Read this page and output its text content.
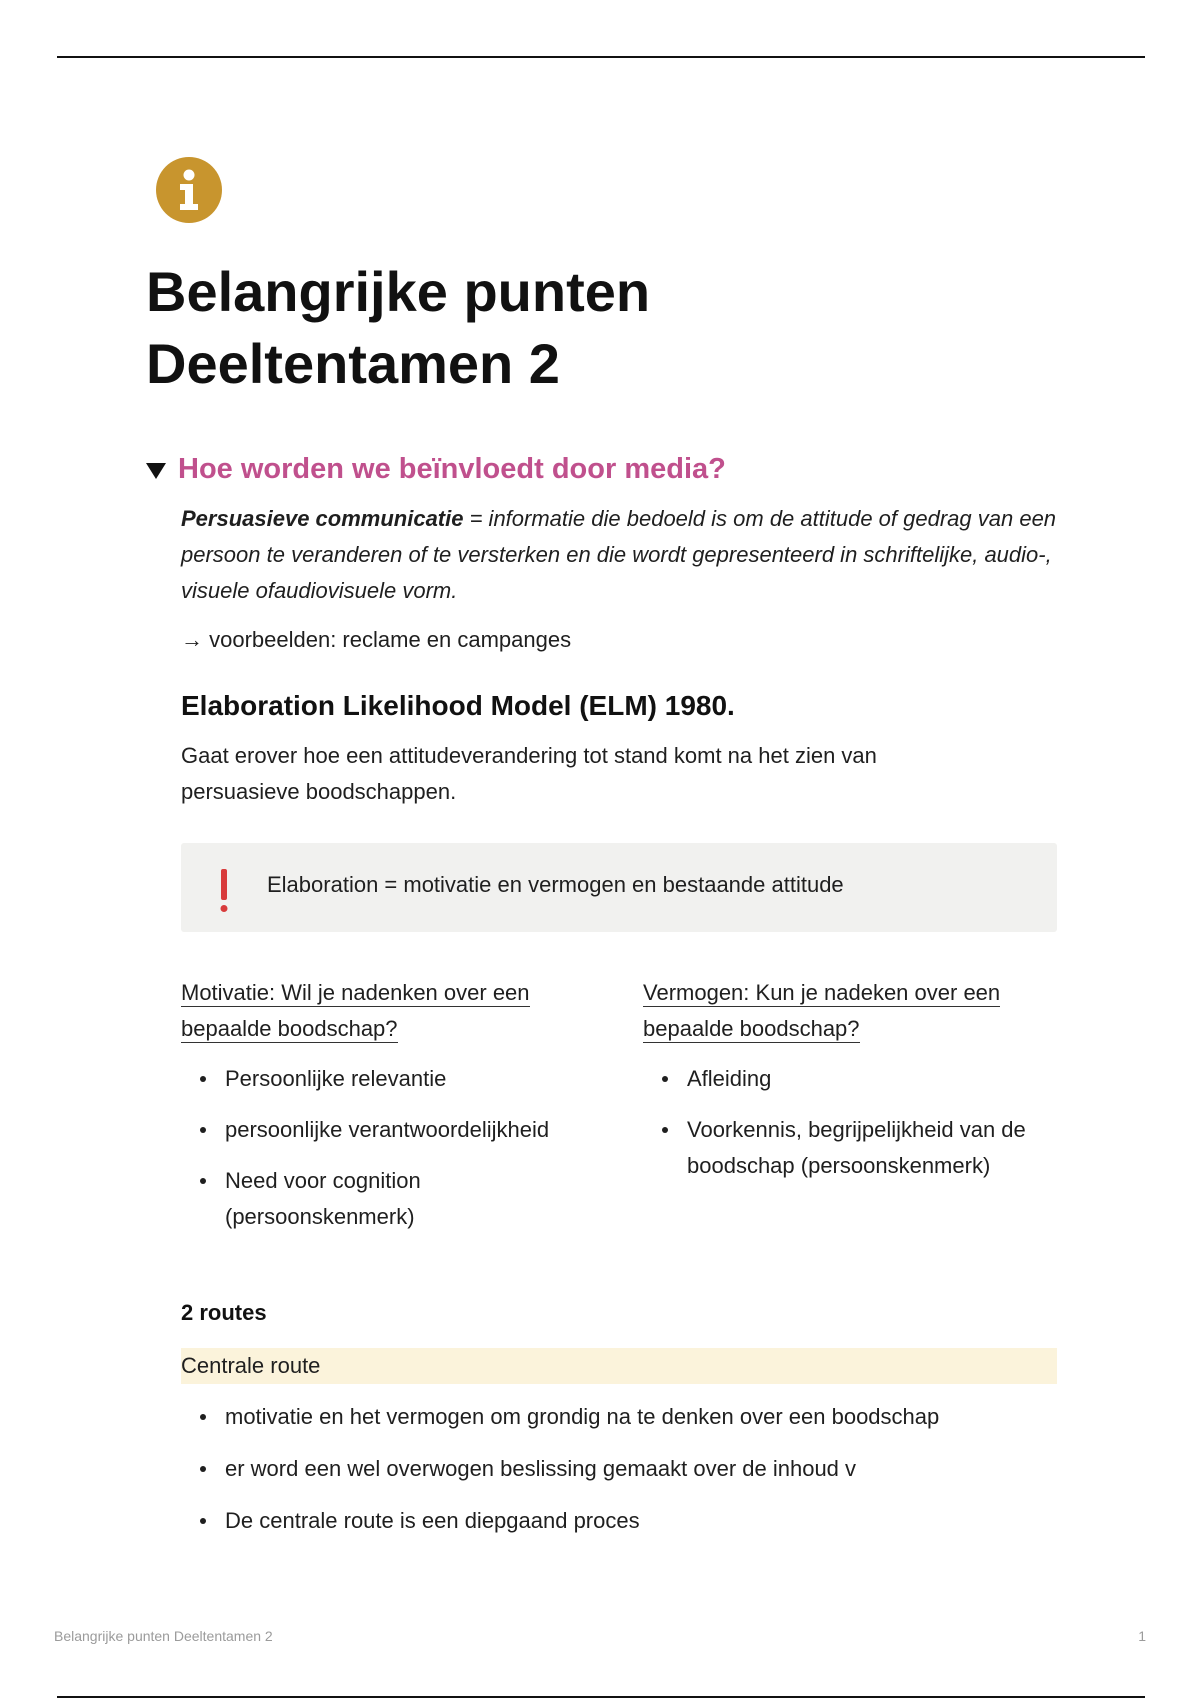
Belangrijke punten
Deeltentamen 2
Hoe worden we beïnvloedt door media?

Persuasieve communicatie = informatie die bedoeld is om de attitude of gedrag van een persoon te veranderen of te versterken en die wordt gepresenteerd in schriftelijke, audio-, visuele ofaudiovisuele vorm.

→ voorbeelden: reclame en campanges

Elaboration Likelihood Model (ELM) 1980.

Gaat erover hoe een attitudeverandering tot stand komt na het zien van persuasieve boodschappen.

Elaboration = motivatie en vermogen en bestaande attitude

Motivatie: Wil je nadenken over een bepaalde boodschap?

Persoonlijke relevantie
persoonlijke verantwoordelijkheid
Need voor cognition (persoonskenmerk)

Vermogen: Kun je nadeken over een bepaalde boodschap?

Afleiding
Voorkennis, begrijpelijkheid van de boodschap (persoonskenmerk)
2 routes
Centrale route
motivatie en het vermogen om grondig na te denken over een boodschap
er word een wel overwogen beslissing gemaakt over de inhoud v
De centrale route is een diepgaand proces
Belangrijke punten Deeltentamen 2	1
